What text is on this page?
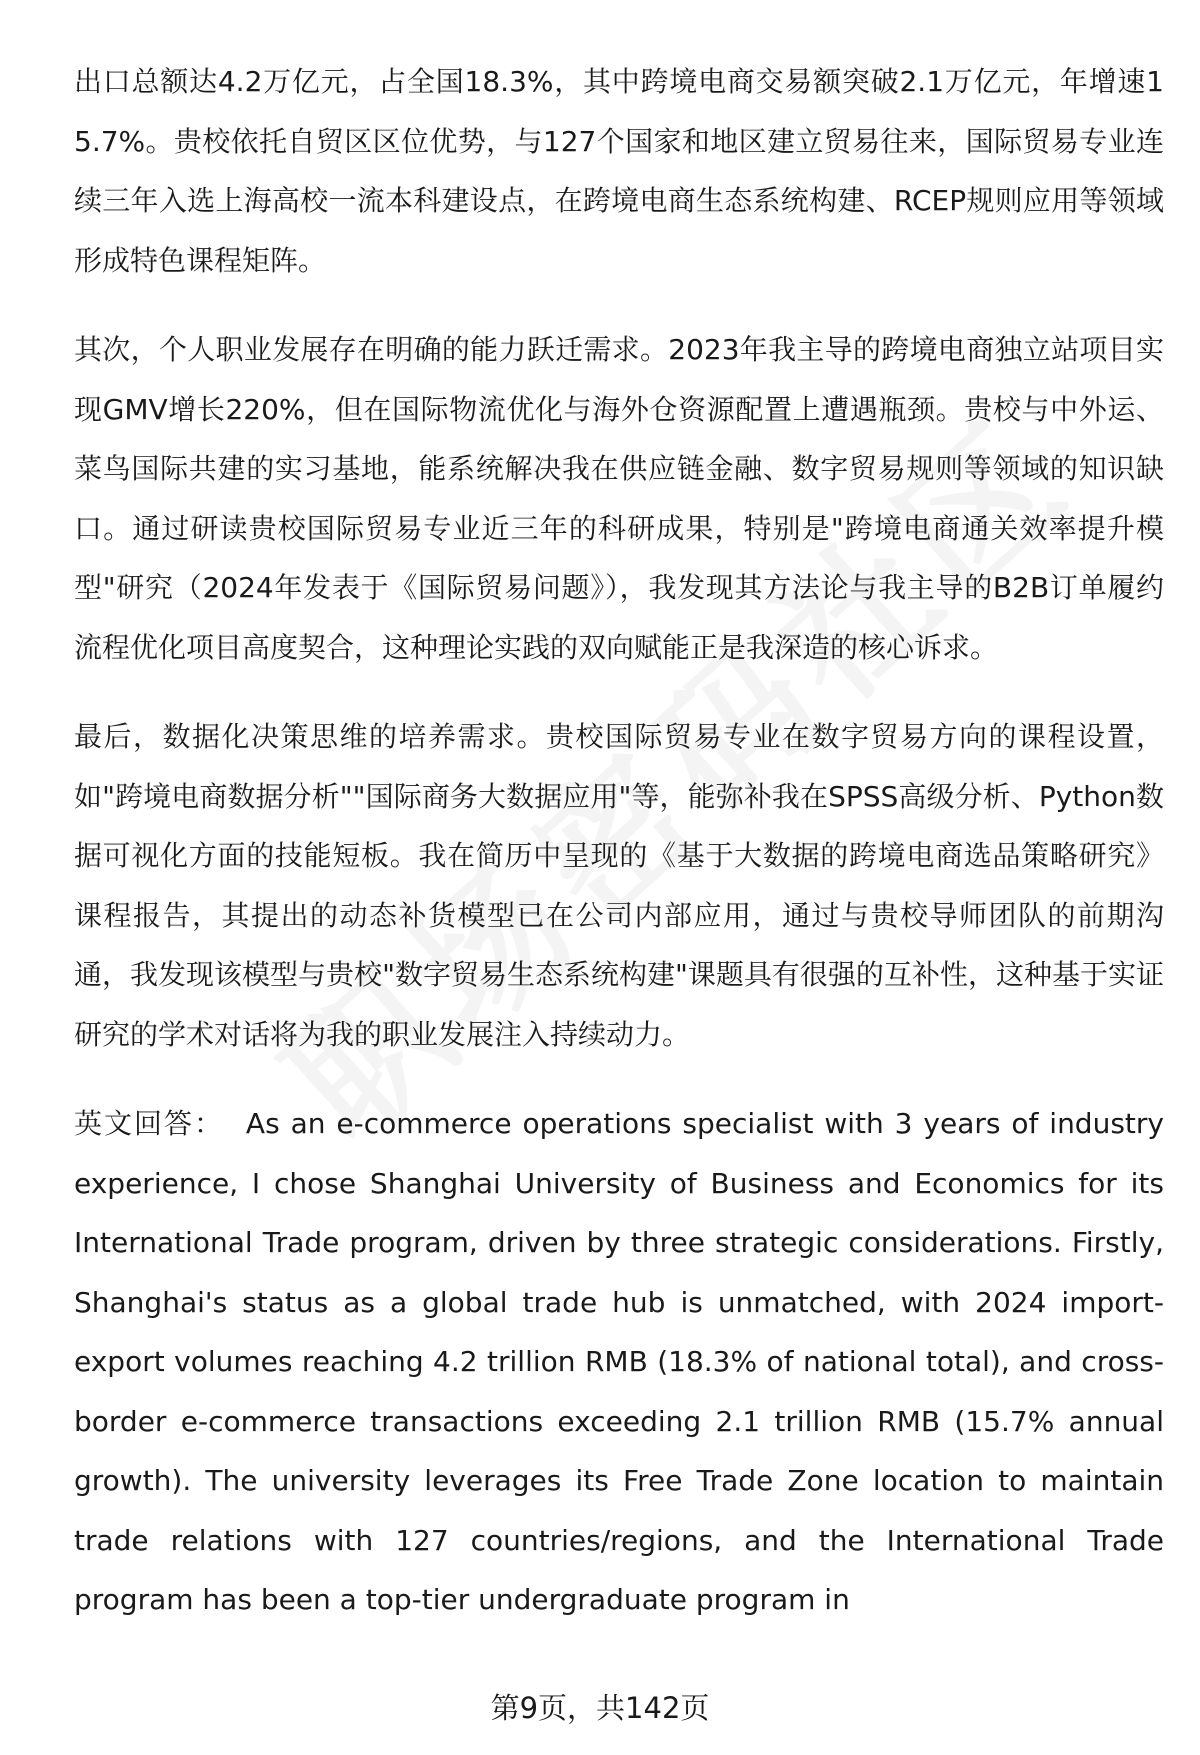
出口总额达4.2万亿元，占全国18.3%，其中跨境电商交易额突破2.1万亿元，年增速15.7%。贵校依托自贸区区位优势，与127个国家和地区建立贸易往来，国际贸易专业连续三年入选上海高校一流本科建设点，在跨境电商生态系统构建、RCEP规则应用等领域形成特色课程矩阵。

其次，个人职业发展存在明确的能力跃迁需求。2023年我主导的跨境电商独立站项目实现GMV增长220%，但在国际物流优化与海外仓资源配置上遭遇瓶颈。贵校与中外运、菜鸟国际共建的实习基地，能系统解决我在供应链金融、数字贸易规则等领域的知识缺口。通过研读贵校国际贸易专业近三年的科研成果，特别是"跨境电商通关效率提升模型"研究（2024年发表于《国际贸易问题》），我发现其方法论与我主导的B2B订单履约流程优化项目高度契合，这种理论实践的双向赋能正是我深造的核心诉求。

最后，数据化决策思维的培养需求。贵校国际贸易专业在数字贸易方向的课程设置，如"跨境电商数据分析""国际商务大数据应用"等，能弥补我在SPSS高级分析、Python数据可视化方面的技能短板。我在简历中呈现的《基于大数据的跨境电商选品策略研究》课程报告，其提出的动态补货模型已在公司内部应用，通过与贵校导师团队的前期沟通，我发现该模型与贵校"数字贸易生态系统构建"课题具有很强的互补性，这种基于实证研究的学术对话将为我的职业发展注入持续动力。

英文回答： As an e-commerce operations specialist with 3 years of industry experience, I chose Shanghai University of Business and Economics for its International Trade program, driven by three strategic considerations. Firstly, Shanghai's status as a global trade hub is unmatched, with 2024 import-export volumes reaching 4.2 trillion RMB (18.3% of national total), and cross-border e-commerce transactions exceeding 2.1 trillion RMB (15.7% annual growth). The university leverages its Free Trade Zone location to maintain trade relations with 127 countries/regions, and the International Trade program has been a top-tier undergraduate program in

第9页，共142页
